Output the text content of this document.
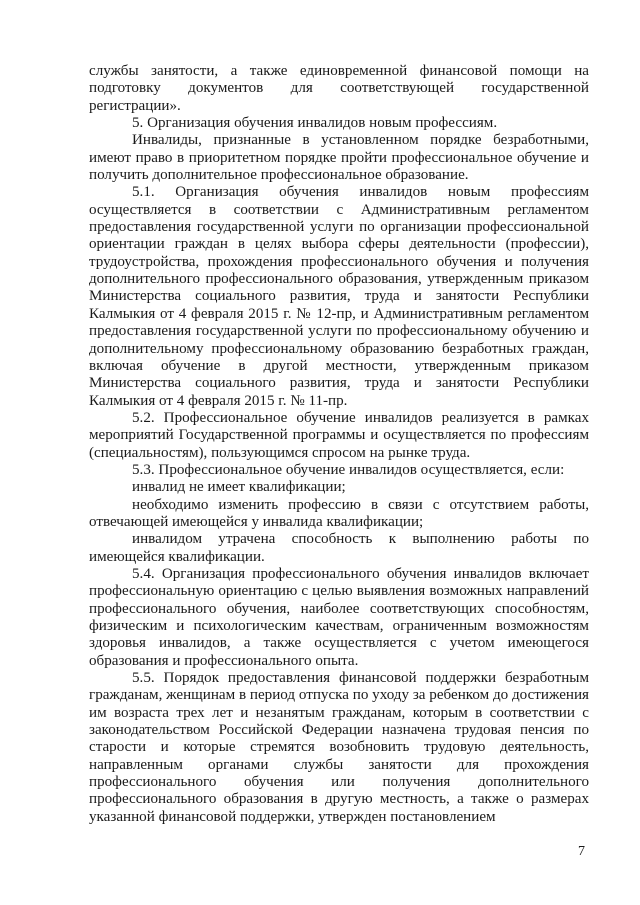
службы занятости, а также единовременной финансовой помощи на подготовку документов для соответствующей государственной регистрации».

5. Организация обучения инвалидов новым профессиям.

Инвалиды, признанные в установленном порядке безработными, имеют право в приоритетном порядке пройти профессиональное обучение и получить дополнительное профессиональное образование.

5.1. Организация обучения инвалидов новым профессиям осуществляется в соответствии с Административным регламентом предоставления государственной услуги по организации профессиональной ориентации граждан в целях выбора сферы деятельности (профессии), трудоустройства, прохождения профессионального обучения и получения дополнительного профессионального образования, утвержденным приказом Министерства социального развития, труда и занятости Республики Калмыкия от 4 февраля 2015 г. № 12-пр, и Административным регламентом предоставления государственной услуги по профессиональному обучению и дополнительному профессиональному образованию безработных граждан, включая обучение в другой местности, утвержденным приказом Министерства социального развития, труда и занятости Республики Калмыкия от 4 февраля 2015 г. № 11-пр.

5.2. Профессиональное обучение инвалидов реализуется в рамках мероприятий Государственной программы и осуществляется по профессиям (специальностям), пользующимся спросом на рынке труда.

5.3. Профессиональное обучение инвалидов осуществляется, если:

инвалид не имеет квалификации;

необходимо изменить профессию в связи с отсутствием работы, отвечающей имеющейся у инвалида квалификации;

инвалидом утрачена способность к выполнению работы по имеющейся квалификации.

5.4. Организация профессионального обучения инвалидов включает профессиональную ориентацию с целью выявления возможных направлений профессионального обучения, наиболее соответствующих способностям, физическим и психологическим качествам, ограниченным возможностям здоровья инвалидов, а также осуществляется с учетом имеющегося образования и профессионального опыта.

5.5. Порядок предоставления финансовой поддержки безработным гражданам, женщинам в период отпуска по уходу за ребенком до достижения им возраста трех лет и незанятым гражданам, которым в соответствии с законодательством Российской Федерации назначена трудовая пенсия по старости и которые стремятся возобновить трудовую деятельность, направленным органами службы занятости для прохождения профессионального обучения или получения дополнительного профессионального образования в другую местность, а также о размерах указанной финансовой поддержки, утвержден постановлением

7
